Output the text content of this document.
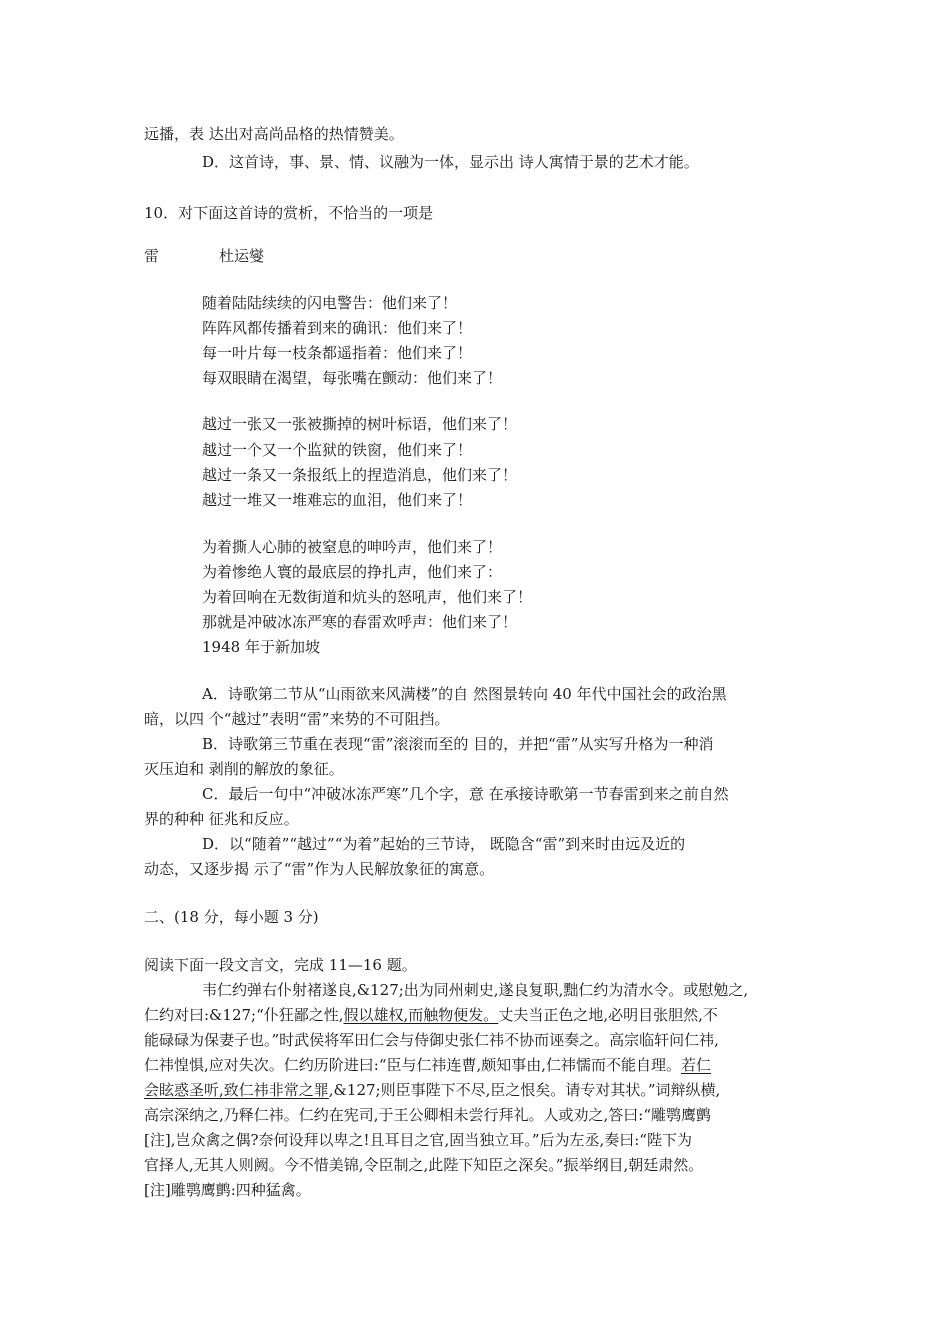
远播，表 达出对高尚品格的热情赞美。
D．这首诗，事、景、情、议融为一体，显示出 诗人寓情于景的艺术才能。
10．对下面这首诗的赏析，不恰当的一项是
雷	杜运燮
随着陆陆续续的闪电警告：他们来了！
阵阵风都传播着到来的确讯：他们来了！
每一叶片每一枝条都遥指着：他们来了！
每双眼睛在渴望，每张嘴在颤动：他们来了！
越过一张又一张被撕掉的树叶标语，他们来了！
越过一个又一个监狱的铁窗，他们来了！
越过一条又一条报纸上的捏造消息，他们来了！
越过一堆又一堆难忘的血泪，他们来了！
为着撕人心肺的被窒息的呻吟声，他们来了！
为着惨绝人寰的最底层的挣扎声，他们来了：
为着回响在无数街道和炕头的怒吼声，他们来了！
那就是冲破冰冻严寒的春雷欢呼声：他们来了！
1948 年于新加坡
A．诗歌第二节从“山雨欲来风满楼”的自 然图景转向 40 年代中国社会的政治黑
暗，以四 个“越过”表明“雷”来势的不可阻挡。
B．诗歌第三节重在表现“雷”滚滚而至的 目的，并把“雷”从实写升格为一种消
灭压迫和 剥削的解放的象征。
C．最后一句中“冲破冰冻严寒”几个字，意 在承接诗歌第一节春雷到来之前自然
界的种种 征兆和反应。
D．以“随着”“越过”“为着”起始的三节诗， 既隐含“雷”到来时由远及近的
动态，又逐步揭 示了“雷”作为人民解放象征的寓意。
二、(18 分，每小题 3 分)
阅读下面一段文言文，完成 11—16 题。
韦仁约弹右仆射褚遂良,&127;出为同州刺史,遂良复职,黜仁约为清水令。或慰勉之,
仁约对曰:&127;“仆狂鄙之性,假以雄权,而触物便发。丈夫当正色之地,必明目张胆然,不
能碌碌为保妻子也。”时武侯将军田仁会与侍御史张仁祎不协而诬奏之。高宗临轩问仁祎,
仁祎惶惧,应对失次。仁约历阶进曰:“臣与仁祎连曹,颇知事由,仁祎懦而不能自理。若仁
会眩惑圣听,致仁祎非常之罪,&127;则臣事陛下不尽,臣之恨矣。请专对其状。”词辩纵横,
高宗深纳之,乃释仁祎。仁约在宪司,于王公卿相未尝行拜礼。人或劝之,答曰:“雕鹗鹰鹯
[注],岂众禽之偶?奈何设拜以卑之!且耳目之官,固当独立耳。”后为左丞,奏曰:“陛下为
官择人,无其人则阙。今不惜美锦,令臣制之,此陛下知臣之深矣。”振举纲目,朝廷肃然。
[注]雕鹗鹰鹯:四种猛禽。
